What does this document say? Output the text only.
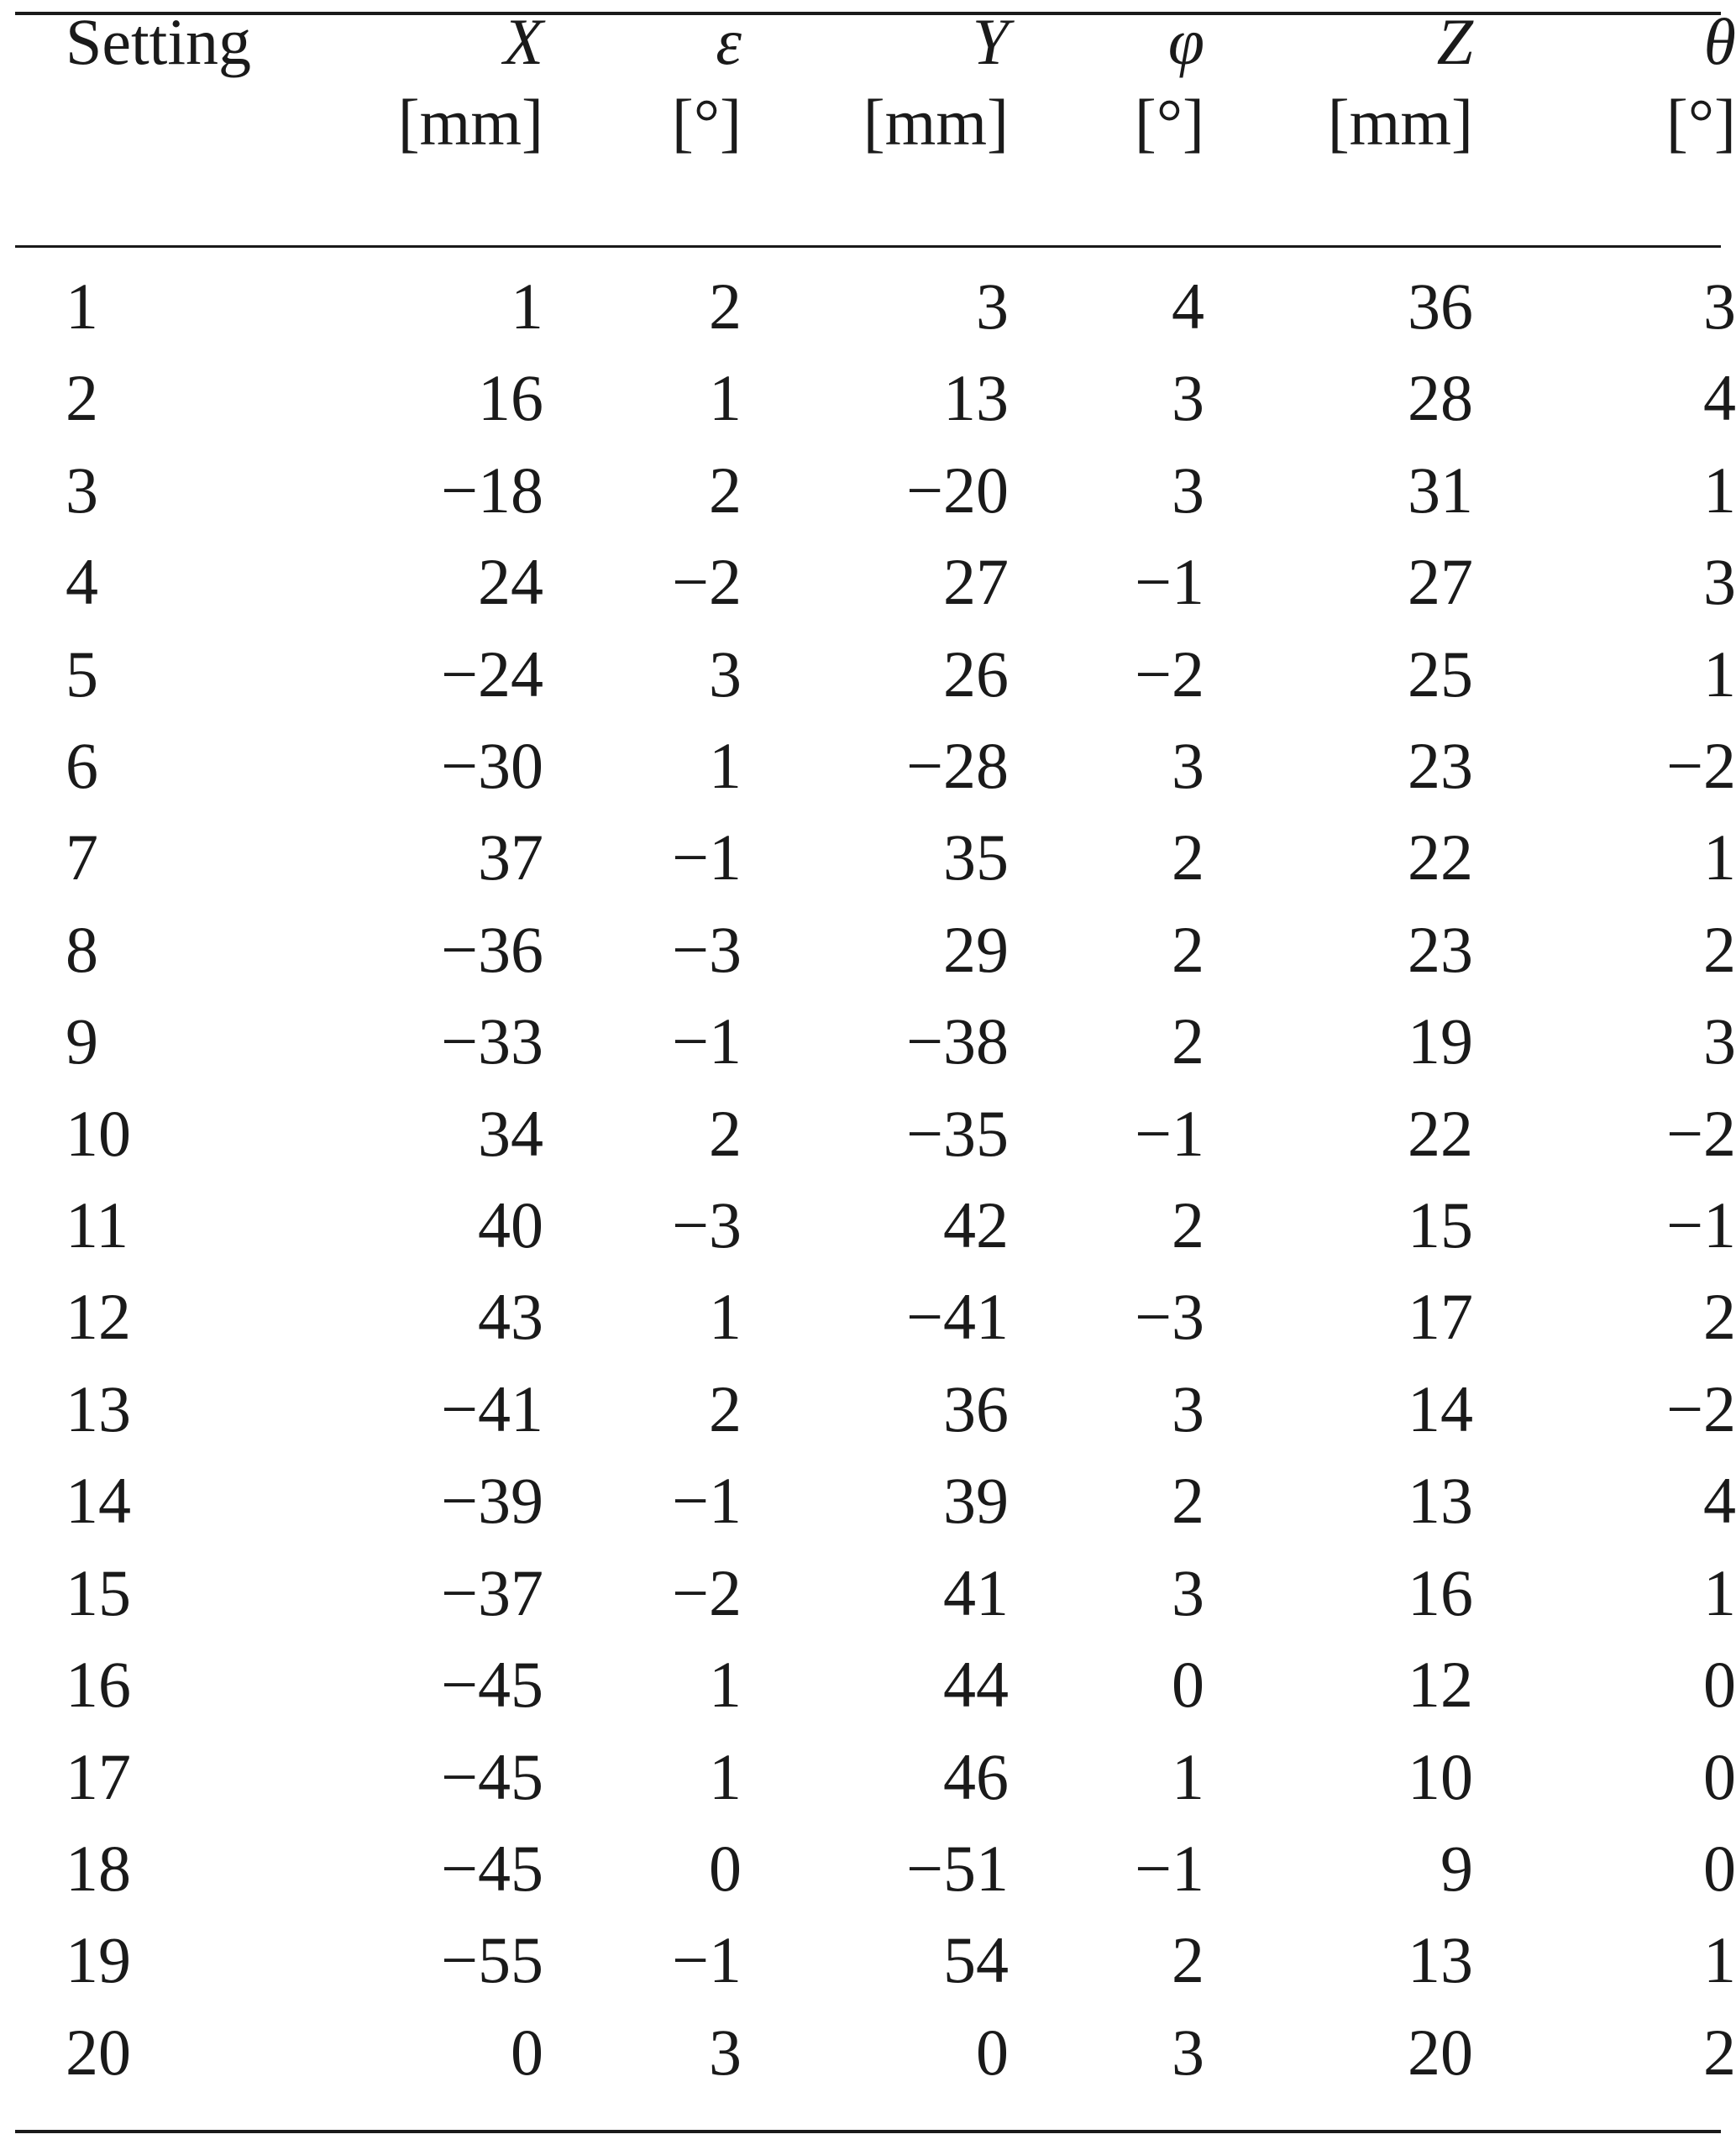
Setting	X	ε	Y	φ	Z	θ
	[mm]	[°]	[mm]	[°]	[mm]	[°]

1	1	2	3	4	36	3
2	16	1	13	3	28	4
3	−18	2	−20	3	31	1
4	24	−2	27	−1	27	3
5	−24	3	26	−2	25	1
6	−30	1	−28	3	23	−2
7	37	−1	35	2	22	1
8	−36	−3	29	2	23	2
9	−33	−1	−38	2	19	3
10	34	2	−35	−1	22	−2
11	40	−3	42	2	15	−1
12	43	1	−41	−3	17	2
13	−41	2	36	3	14	−2
14	−39	−1	39	2	13	4
15	−37	−2	41	3	16	1
16	−45	1	44	0	12	0
17	−45	1	46	1	10	0
18	−45	0	−51	−1	9	0
19	−55	−1	54	2	13	1
20	0	3	0	3	20	2
